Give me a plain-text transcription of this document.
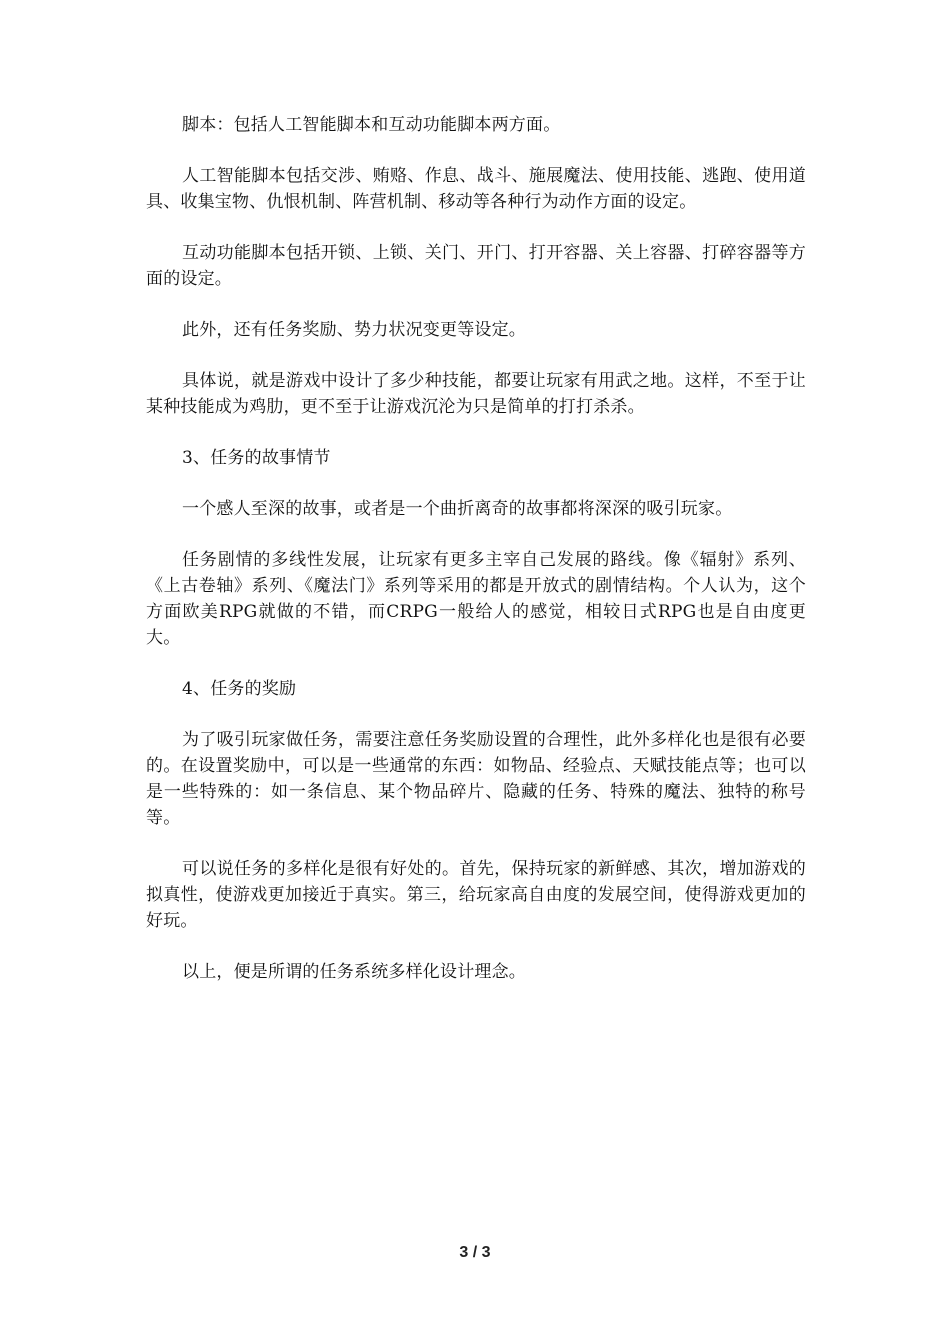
脚本：包括人工智能脚本和互动功能脚本两方面。

人工智能脚本包括交涉、贿赂、作息、战斗、施展魔法、使用技能、逃跑、使用道具、收集宝物、仇恨机制、阵营机制、移动等各种行为动作方面的设定。

互动功能脚本包括开锁、上锁、关门、开门、打开容器、关上容器、打碎容器等方面的设定。

此外，还有任务奖励、势力状况变更等设定。

具体说，就是游戏中设计了多少种技能，都要让玩家有用武之地。这样，不至于让某种技能成为鸡肋，更不至于让游戏沉沦为只是简单的打打杀杀。

3、任务的故事情节

一个感人至深的故事，或者是一个曲折离奇的故事都将深深的吸引玩家。

任务剧情的多线性发展，让玩家有更多主宰自己发展的路线。像《辐射》系列、《上古卷轴》系列、《魔法门》系列等采用的都是开放式的剧情结构。个人认为，这个方面欧美RPG就做的不错，而CRPG一般给人的感觉，相较日式RPG也是自由度更大。

4、任务的奖励

为了吸引玩家做任务，需要注意任务奖励设置的合理性，此外多样化也是很有必要的。在设置奖励中，可以是一些通常的东西：如物品、经验点、天赋技能点等；也可以是一些特殊的：如一条信息、某个物品碎片、隐藏的任务、特殊的魔法、独特的称号等。

可以说任务的多样化是很有好处的。首先，保持玩家的新鲜感、其次，增加游戏的拟真性，使游戏更加接近于真实。第三，给玩家高自由度的发展空间，使得游戏更加的好玩。

以上，便是所谓的任务系统多样化设计理念。

3 / 3
